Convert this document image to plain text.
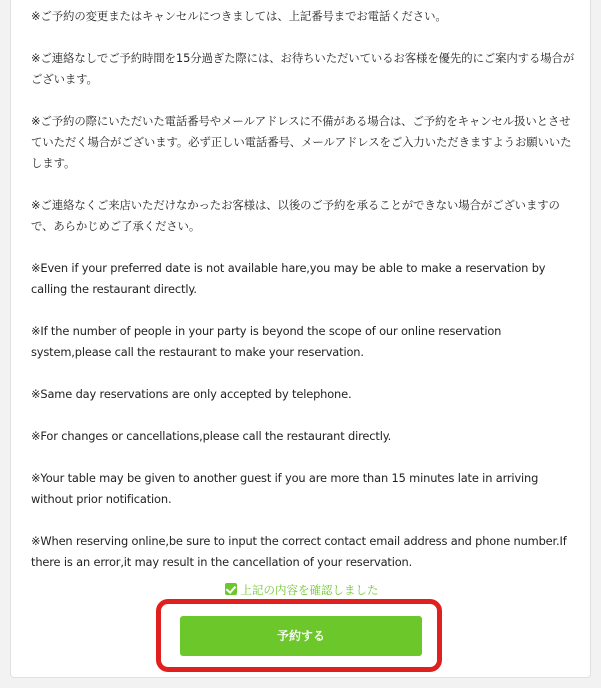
※ご予約の変更またはキャンセルにつきましては、上記番号までお電話ください。
※ご連絡なしでご予約時間を15分過ぎた際には、お待ちいただいているお客様を優先的にご案内する場合がございます。
※ご予約の際にいただいた電話番号やメールアドレスに不備がある場合は、ご予約をキャンセル扱いとさせていただく場合がございます。必ず正しい電話番号、メールアドレスをご入力いただきますようお願いいたします。
※ご連絡なくご来店いただけなかったお客様は、以後のご予約を承ることができない場合がございますので、あらかじめご了承ください。
※Even if your preferred date is not available hare,you may be able to make a reservation by calling the restaurant directly.
※If the number of people in your party is beyond the scope of our online reservation system,please call the restaurant to make your reservation.
※Same day reservations are only accepted by telephone.
※For changes or cancellations,please call the restaurant directly.
※Your table may be given to another guest if you are more than 15 minutes late in arriving without prior notification.
※When reserving online,be sure to input the correct contact email address and phone number.If there is an error,it may result in the cancellation of your reservation.
上記の内容を確認しました
予約する
